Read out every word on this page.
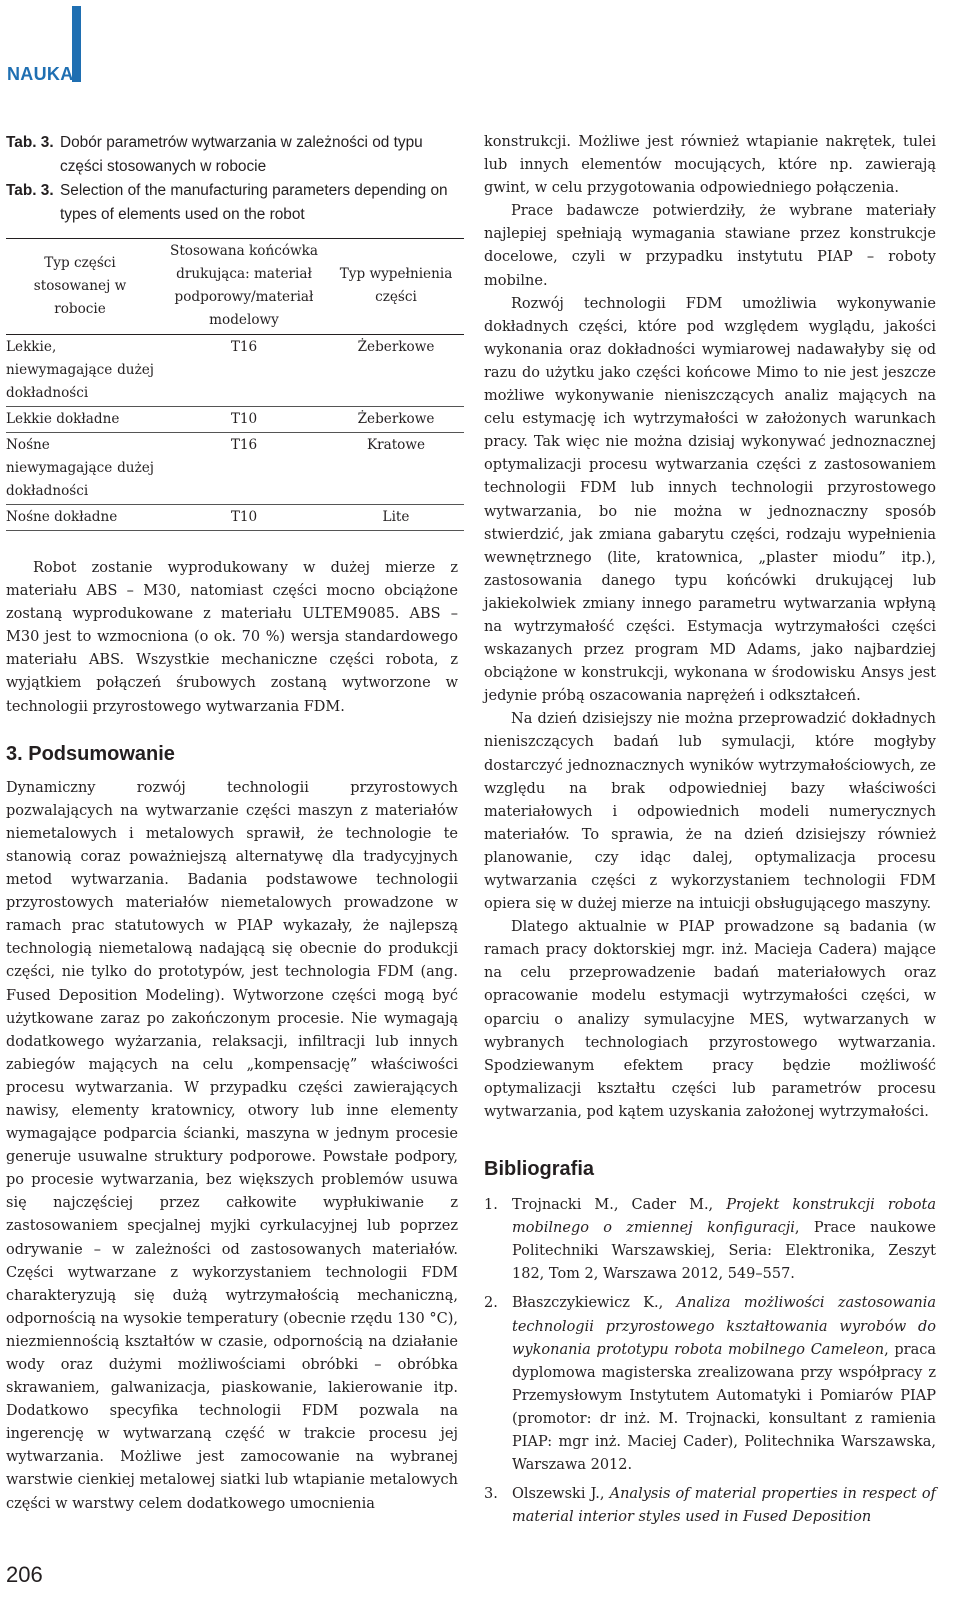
NAUKA
Tab. 3. Dobór parametrów wytwarzania w zależności od typu części stosowanych w robocie
Tab. 3. Selection of the manufacturing parameters depending on types of elements used on the robot
Typ części stosowanej w robocie	Stosowana końcówka drukująca: materiał podporowy/materiał modelowy	Typ wypełnienia części
Lekkie, niewymagające dużej dokładności	T16	Żeberkowe
Lekkie dokładne	T10	Żeberkowe
Nośne niewymagające dużej dokładności	T16	Kratowe
Nośne dokładne	T10	Lite

Robot zostanie wyprodukowany w dużej mierze z materiału ABS – M30, natomiast części mocno obciążone zostaną wyprodukowane z materiału ULTEM9085. ABS – M30 jest to wzmocniona (o ok. 70 %) wersja standardowego materiału ABS. Wszystkie mechaniczne części robota, z wyjątkiem połączeń śrubowych zostaną wytworzone w technologii przyrostowego wytwarzania FDM.

3. Podsumowanie

Dynamiczny rozwój technologii przyrostowych pozwalających na wytwarzanie części maszyn z materiałów niemetalowych i metalowych sprawił, że technologie te stanowią coraz poważniejszą alternatywę dla tradycyjnych metod wytwarzania. Badania podstawowe technologii przyrostowych materiałów niemetalowych prowadzone w ramach prac statutowych w PIAP wykazały, że najlepszą technologią niemetalową nadającą się obecnie do produkcji części, nie tylko do prototypów, jest technologia FDM (ang. Fused Deposition Modeling). Wytworzone części mogą być użytkowane zaraz po zakończonym procesie. Nie wymagają dodatkowego wyżarzania, relaksacji, infiltracji lub innych zabiegów mających na celu „kompensację” właściwości procesu wytwarzania. W przypadku części zawierających nawisy, elementy kratownicy, otwory lub inne elementy wymagające podparcia ścianki, maszyna w jednym procesie generuje usuwalne struktury podporowe. Powstałe podpory, po procesie wytwarzania, bez większych problemów usuwa się najczęściej przez całkowite wypłukiwanie z zastosowaniem specjalnej myjki cyrkulacyjnej lub poprzez odrywanie – w zależności od zastosowanych materiałów. Części wytwarzane z wykorzystaniem technologii FDM charakteryzują się dużą wytrzymałością mechaniczną, odpornością na wysokie temperatury (obecnie rzędu 130 °C), niezmiennością kształtów w czasie, odpornością na działanie wody oraz dużymi możliwościami obróbki – obróbka skrawaniem, galwanizacja, piaskowanie, lakierowanie itp. Dodatkowo specyfika technologii FDM pozwala na ingerencję w wytwarzaną część w trakcie procesu jej wytwarzania. Możliwe jest zamocowanie na wybranej warstwie cienkiej metalowej siatki lub wtapianie metalowych części w warstwy celem dodatkowego umocnienia

konstrukcji. Możliwe jest również wtapianie nakrętek, tulei lub innych elementów mocujących, które np. zawierają gwint, w celu przygotowania odpowiedniego połączenia.

Prace badawcze potwierdziły, że wybrane materiały najlepiej spełniają wymagania stawiane przez konstrukcje docelowe, czyli w przypadku instytutu PIAP – roboty mobilne.

Rozwój technologii FDM umożliwia wykonywanie dokładnych części, które pod względem wyglądu, jakości wykonania oraz dokładności wymiarowej nadawałyby się od razu do użytku jako części końcowe Mimo to nie jest jeszcze możliwe wykonywanie nieniszczących analiz mających na celu estymację ich wytrzymałości w założonych warunkach pracy. Tak więc nie można dzisiaj wykonywać jednoznacznej optymalizacji procesu wytwarzania części z zastosowaniem technologii FDM lub innych technologii przyrostowego wytwarzania, bo nie można w jednoznaczny sposób stwierdzić, jak zmiana gabarytu części, rodzaju wypełnienia wewnętrznego (lite, kratownica, „plaster miodu” itp.), zastosowania danego typu końcówki drukującej lub jakiekolwiek zmiany innego parametru wytwarzania wpłyną na wytrzymałość części. Estymacja wytrzymałości części wskazanych przez program MD Adams, jako najbardziej obciążone w konstrukcji, wykonana w środowisku Ansys jest jedynie próbą oszacowania naprężeń i odkształceń.

Na dzień dzisiejszy nie można przeprowadzić dokładnych nieniszczących badań lub symulacji, które mogłyby dostarczyć jednoznacznych wyników wytrzymałościowych, ze względu na brak odpowiedniej bazy właściwości materiałowych i odpowiednich modeli numerycznych materiałów. To sprawia, że na dzień dzisiejszy również planowanie, czy idąc dalej, optymalizacja procesu wytwarzania części z wykorzystaniem technologii FDM opiera się w dużej mierze na intuicji obsługującego maszyny.

Dlatego aktualnie w PIAP prowadzone są badania (w ramach pracy doktorskiej mgr. inż. Macieja Cadera) mające na celu przeprowadzenie badań materiałowych oraz opracowanie modelu estymacji wytrzymałości części, w oparciu o analizy symulacyjne MES, wytwarzanych w wybranych technologiach przyrostowego wytwarzania. Spodziewanym efektem pracy będzie możliwość optymalizacji kształtu części lub parametrów procesu wytwarzania, pod kątem uzyskania założonej wytrzymałości.

Bibliografia
1. Trojnacki M., Cader M., Projekt konstrukcji robota mobilnego o zmiennej konfiguracji, Prace naukowe Politechniki Warszawskiej, Seria: Elektronika, Zeszyt 182, Tom 2, Warszawa 2012, 549–557.
2. Błaszczykiewicz K., Analiza możliwości zastosowania technologii przyrostowego kształtowania wyrobów do wykonania prototypu robota mobilnego Cameleon, praca dyplomowa magisterska zrealizowana przy współpracy z Przemysłowym Instytutem Automatyki i Pomiarów PIAP (promotor: dr inż. M. Trojnacki, konsultant z ramienia PIAP: mgr inż. Maciej Cader), Politechnika Warszawska, Warszawa 2012.
3. Olszewski J., Analysis of material properties in respect of material interior styles used in Fused Deposition
206
